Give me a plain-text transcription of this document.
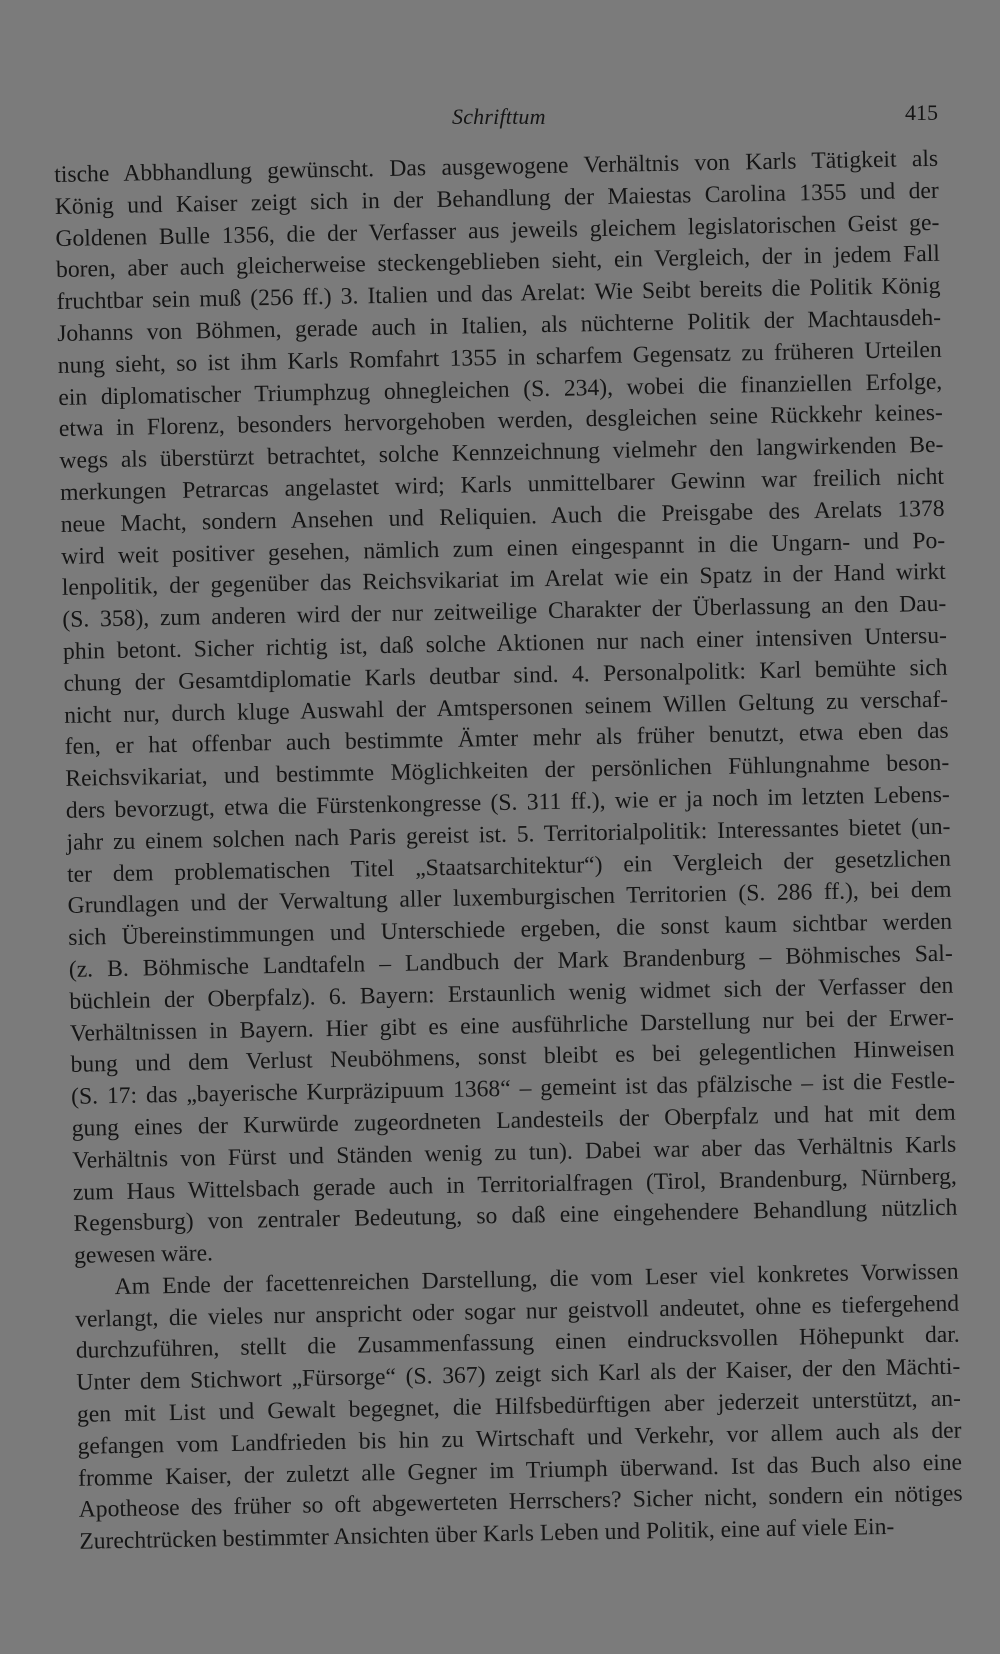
Schrifttum	415
tische Abbhandlung gewünscht. Das ausgewogene Verhältnis von Karls Tätigkeit als
König und Kaiser zeigt sich in der Behandlung der Maiestas Carolina 1355 und der
Goldenen Bulle 1356, die der Verfasser aus jeweils gleichem legislatorischen Geist ge-
boren, aber auch gleicherweise steckengeblieben sieht, ein Vergleich, der in jedem Fall
fruchtbar sein muß (256 ff.) 3. Italien und das Arelat: Wie Seibt bereits die Politik König
Johanns von Böhmen, gerade auch in Italien, als nüchterne Politik der Machtausdeh-
nung sieht, so ist ihm Karls Romfahrt 1355 in scharfem Gegensatz zu früheren Urteilen
ein diplomatischer Triumphzug ohnegleichen (S. 234), wobei die finanziellen Erfolge,
etwa in Florenz, besonders hervorgehoben werden, desgleichen seine Rückkehr keines-
wegs als überstürzt betrachtet, solche Kennzeichnung vielmehr den langwirkenden Be-
merkungen Petrarcas angelastet wird; Karls unmittelbarer Gewinn war freilich nicht
neue Macht, sondern Ansehen und Reliquien. Auch die Preisgabe des Arelats 1378
wird weit positiver gesehen, nämlich zum einen eingespannt in die Ungarn- und Po-
lenpolitik, der gegenüber das Reichsvikariat im Arelat wie ein Spatz in der Hand wirkt
(S. 358), zum anderen wird der nur zeitweilige Charakter der Überlassung an den Dau-
phin betont. Sicher richtig ist, daß solche Aktionen nur nach einer intensiven Untersu-
chung der Gesamtdiplomatie Karls deutbar sind. 4. Personalpolitk: Karl bemühte sich
nicht nur, durch kluge Auswahl der Amtspersonen seinem Willen Geltung zu verschaf-
fen, er hat offenbar auch bestimmte Ämter mehr als früher benutzt, etwa eben das
Reichsvikariat, und bestimmte Möglichkeiten der persönlichen Fühlungnahme beson-
ders bevorzugt, etwa die Fürstenkongresse (S. 311 ff.), wie er ja noch im letzten Lebens-
jahr zu einem solchen nach Paris gereist ist. 5. Territorialpolitik: Interessantes bietet (un-
ter dem problematischen Titel „Staatsarchitektur“) ein Vergleich der gesetzlichen
Grundlagen und der Verwaltung aller luxemburgischen Territorien (S. 286 ff.), bei dem
sich Übereinstimmungen und Unterschiede ergeben, die sonst kaum sichtbar werden
(z. B. Böhmische Landtafeln – Landbuch der Mark Brandenburg – Böhmisches Sal-
büchlein der Oberpfalz). 6. Bayern: Erstaunlich wenig widmet sich der Verfasser den
Verhältnissen in Bayern. Hier gibt es eine ausführliche Darstellung nur bei der Erwer-
bung und dem Verlust Neuböhmens, sonst bleibt es bei gelegentlichen Hinweisen
(S. 17: das „bayerische Kurpräzipuum 1368“ – gemeint ist das pfälzische – ist die Festle-
gung eines der Kurwürde zugeordneten Landesteils der Oberpfalz und hat mit dem
Verhältnis von Fürst und Ständen wenig zu tun). Dabei war aber das Verhältnis Karls
zum Haus Wittelsbach gerade auch in Territorialfragen (Tirol, Brandenburg, Nürnberg,
Regensburg) von zentraler Bedeutung, so daß eine eingehendere Behandlung nützlich
gewesen wäre.
Am Ende der facettenreichen Darstellung, die vom Leser viel konkretes Vorwissen
verlangt, die vieles nur anspricht oder sogar nur geistvoll andeutet, ohne es tiefergehend
durchzuführen, stellt die Zusammenfassung einen eindrucksvollen Höhepunkt dar.
Unter dem Stichwort „Fürsorge“ (S. 367) zeigt sich Karl als der Kaiser, der den Mächti-
gen mit List und Gewalt begegnet, die Hilfsbedürftigen aber jederzeit unterstützt, an-
gefangen vom Landfrieden bis hin zu Wirtschaft und Verkehr, vor allem auch als der
fromme Kaiser, der zuletzt alle Gegner im Triumph überwand. Ist das Buch also eine
Apotheose des früher so oft abgewerteten Herrschers? Sicher nicht, sondern ein nötiges
Zurechtrücken bestimmter Ansichten über Karls Leben und Politik, eine auf viele Ein-
